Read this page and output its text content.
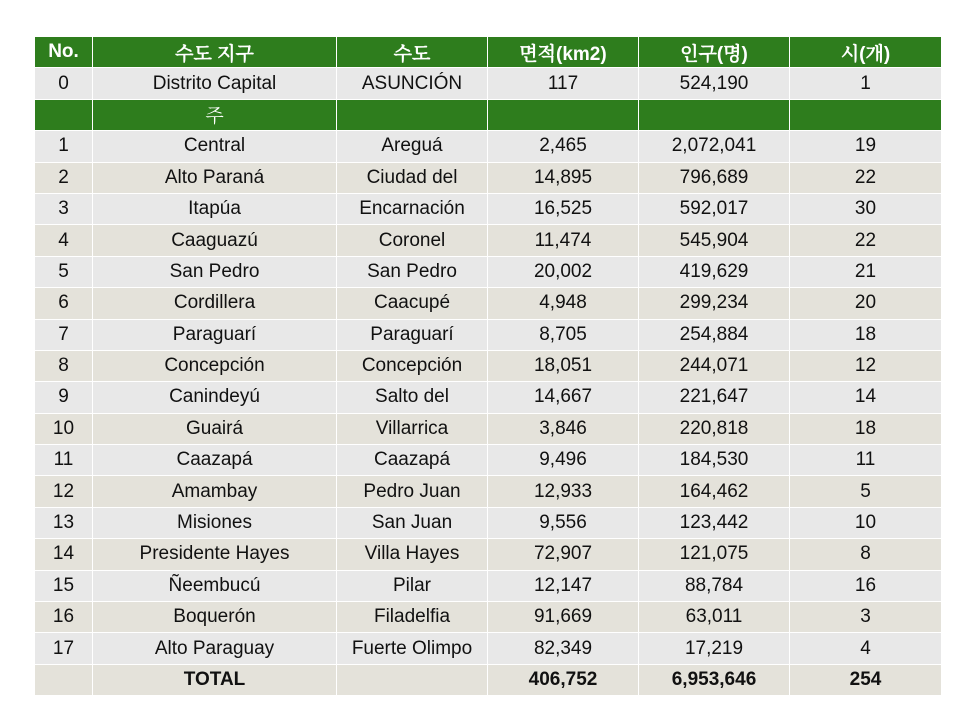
No.	수도 지구	수도	면적(km2)	인구(명)	시(개)
0	Distrito Capital	ASUNCIÓN	117	524,190	1
	주				
1	Central	Areguá	2,465	2,072,041	19
2	Alto Paraná	Ciudad del	14,895	796,689	22
3	Itapúa	Encarnación	16,525	592,017	30
4	Caaguazú	Coronel	11,474	545,904	22
5	San Pedro	San Pedro	20,002	419,629	21
6	Cordillera	Caacupé	4,948	299,234	20
7	Paraguarí	Paraguarí	8,705	254,884	18
8	Concepción	Concepción	18,051	244,071	12
9	Canindeyú	Salto del	14,667	221,647	14
10	Guairá	Villarrica	3,846	220,818	18
11	Caazapá	Caazapá	9,496	184,530	11
12	Amambay	Pedro Juan	12,933	164,462	5
13	Misiones	San Juan	9,556	123,442	10
14	Presidente Hayes	Villa Hayes	72,907	121,075	8
15	Ñeembucú	Pilar	12,147	88,784	16
16	Boquerón	Filadelfia	91,669	63,011	3
17	Alto Paraguay	Fuerte Olimpo	82,349	17,219	4
	TOTAL		406,752	6,953,646	254
